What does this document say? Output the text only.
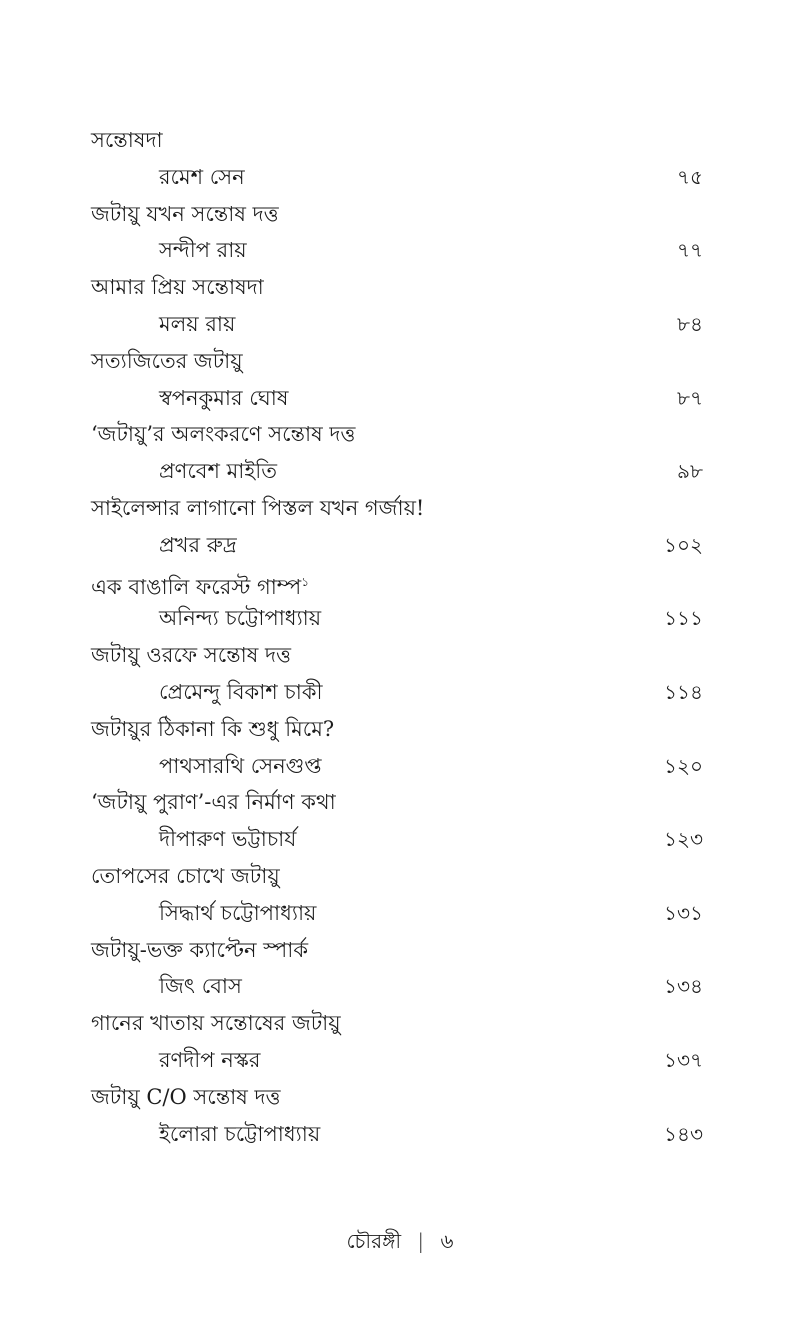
সন্তোষদা
রমেশ সেন	৭৫
জটায়ু যখন সন্তোষ দত্ত
সন্দীপ রায়	৭৭
আমার প্রিয় সন্তোষদা
মলয় রায়	৮৪
সত্যজিতের জটায়ু
স্বপনকুমার ঘোষ	৮৭
‘জটায়ু’র অলংকরণে সন্তোষ দত্ত
প্রণবেশ মাইতি	৯৮
সাইলেন্সার লাগানো পিস্তল যখন গর্জায়!
প্রখর রুদ্র	১০২
এক বাঙালি ফরেস্ট গাম্প$^১$
অনিন্দ্য চট্টোপাধ্যায়	১১১
জটায়ু ওরফে সন্তোষ দত্ত
প্রেমেন্দু বিকাশ চাকী	১১৪
জটায়ুর ঠিকানা কি শুধু মিমে?
পাথসারথি সেনগুপ্ত	১২০
‘জটায়ু পুরাণ’-এর নির্মাণ কথা
দীপারুণ ভট্টাচার্য	১২৩
তোপসের চোখে জটায়ু
সিদ্ধার্থ চট্টোপাধ্যায়	১৩১
জটায়ু-ভক্ত ক্যাপ্টেন স্পার্ক
জিৎ বোস	১৩৪
গানের খাতায় সন্তোষের জটায়ু
রণদীপ নস্কর	১৩৭
জটায়ু C/O সন্তোষ দত্ত
ইলোরা চট্টোপাধ্যায়	১৪৩
চৌরঙ্গী | ৬
